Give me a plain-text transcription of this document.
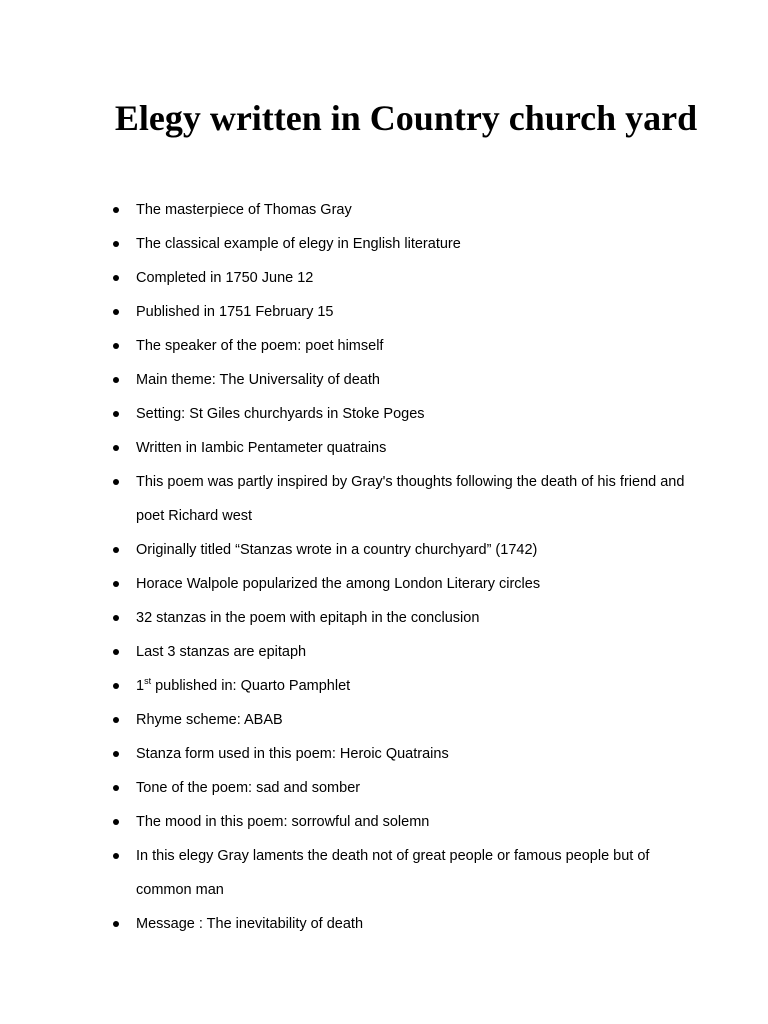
Elegy written in Country church yard
The masterpiece of Thomas Gray
The classical example of elegy in English literature
Completed in 1750 June 12
Published in 1751 February 15
The speaker of the poem: poet himself
Main theme: The Universality of death
Setting: St Giles churchyards in Stoke Poges
Written in Iambic Pentameter quatrains
This poem was partly inspired by Gray's thoughts following the death of his friend and poet Richard west
Originally titled “Stanzas wrote in a country churchyard” (1742)
Horace Walpole popularized the among London Literary circles
32 stanzas in the poem with epitaph in the conclusion
Last 3 stanzas are epitaph
1st published in: Quarto Pamphlet
Rhyme scheme: ABAB
Stanza form used in this poem: Heroic Quatrains
Tone of the poem: sad and somber
The mood in this poem: sorrowful and solemn
In this elegy Gray laments the death not of great people or famous people but of common man
Message : The inevitability of death
